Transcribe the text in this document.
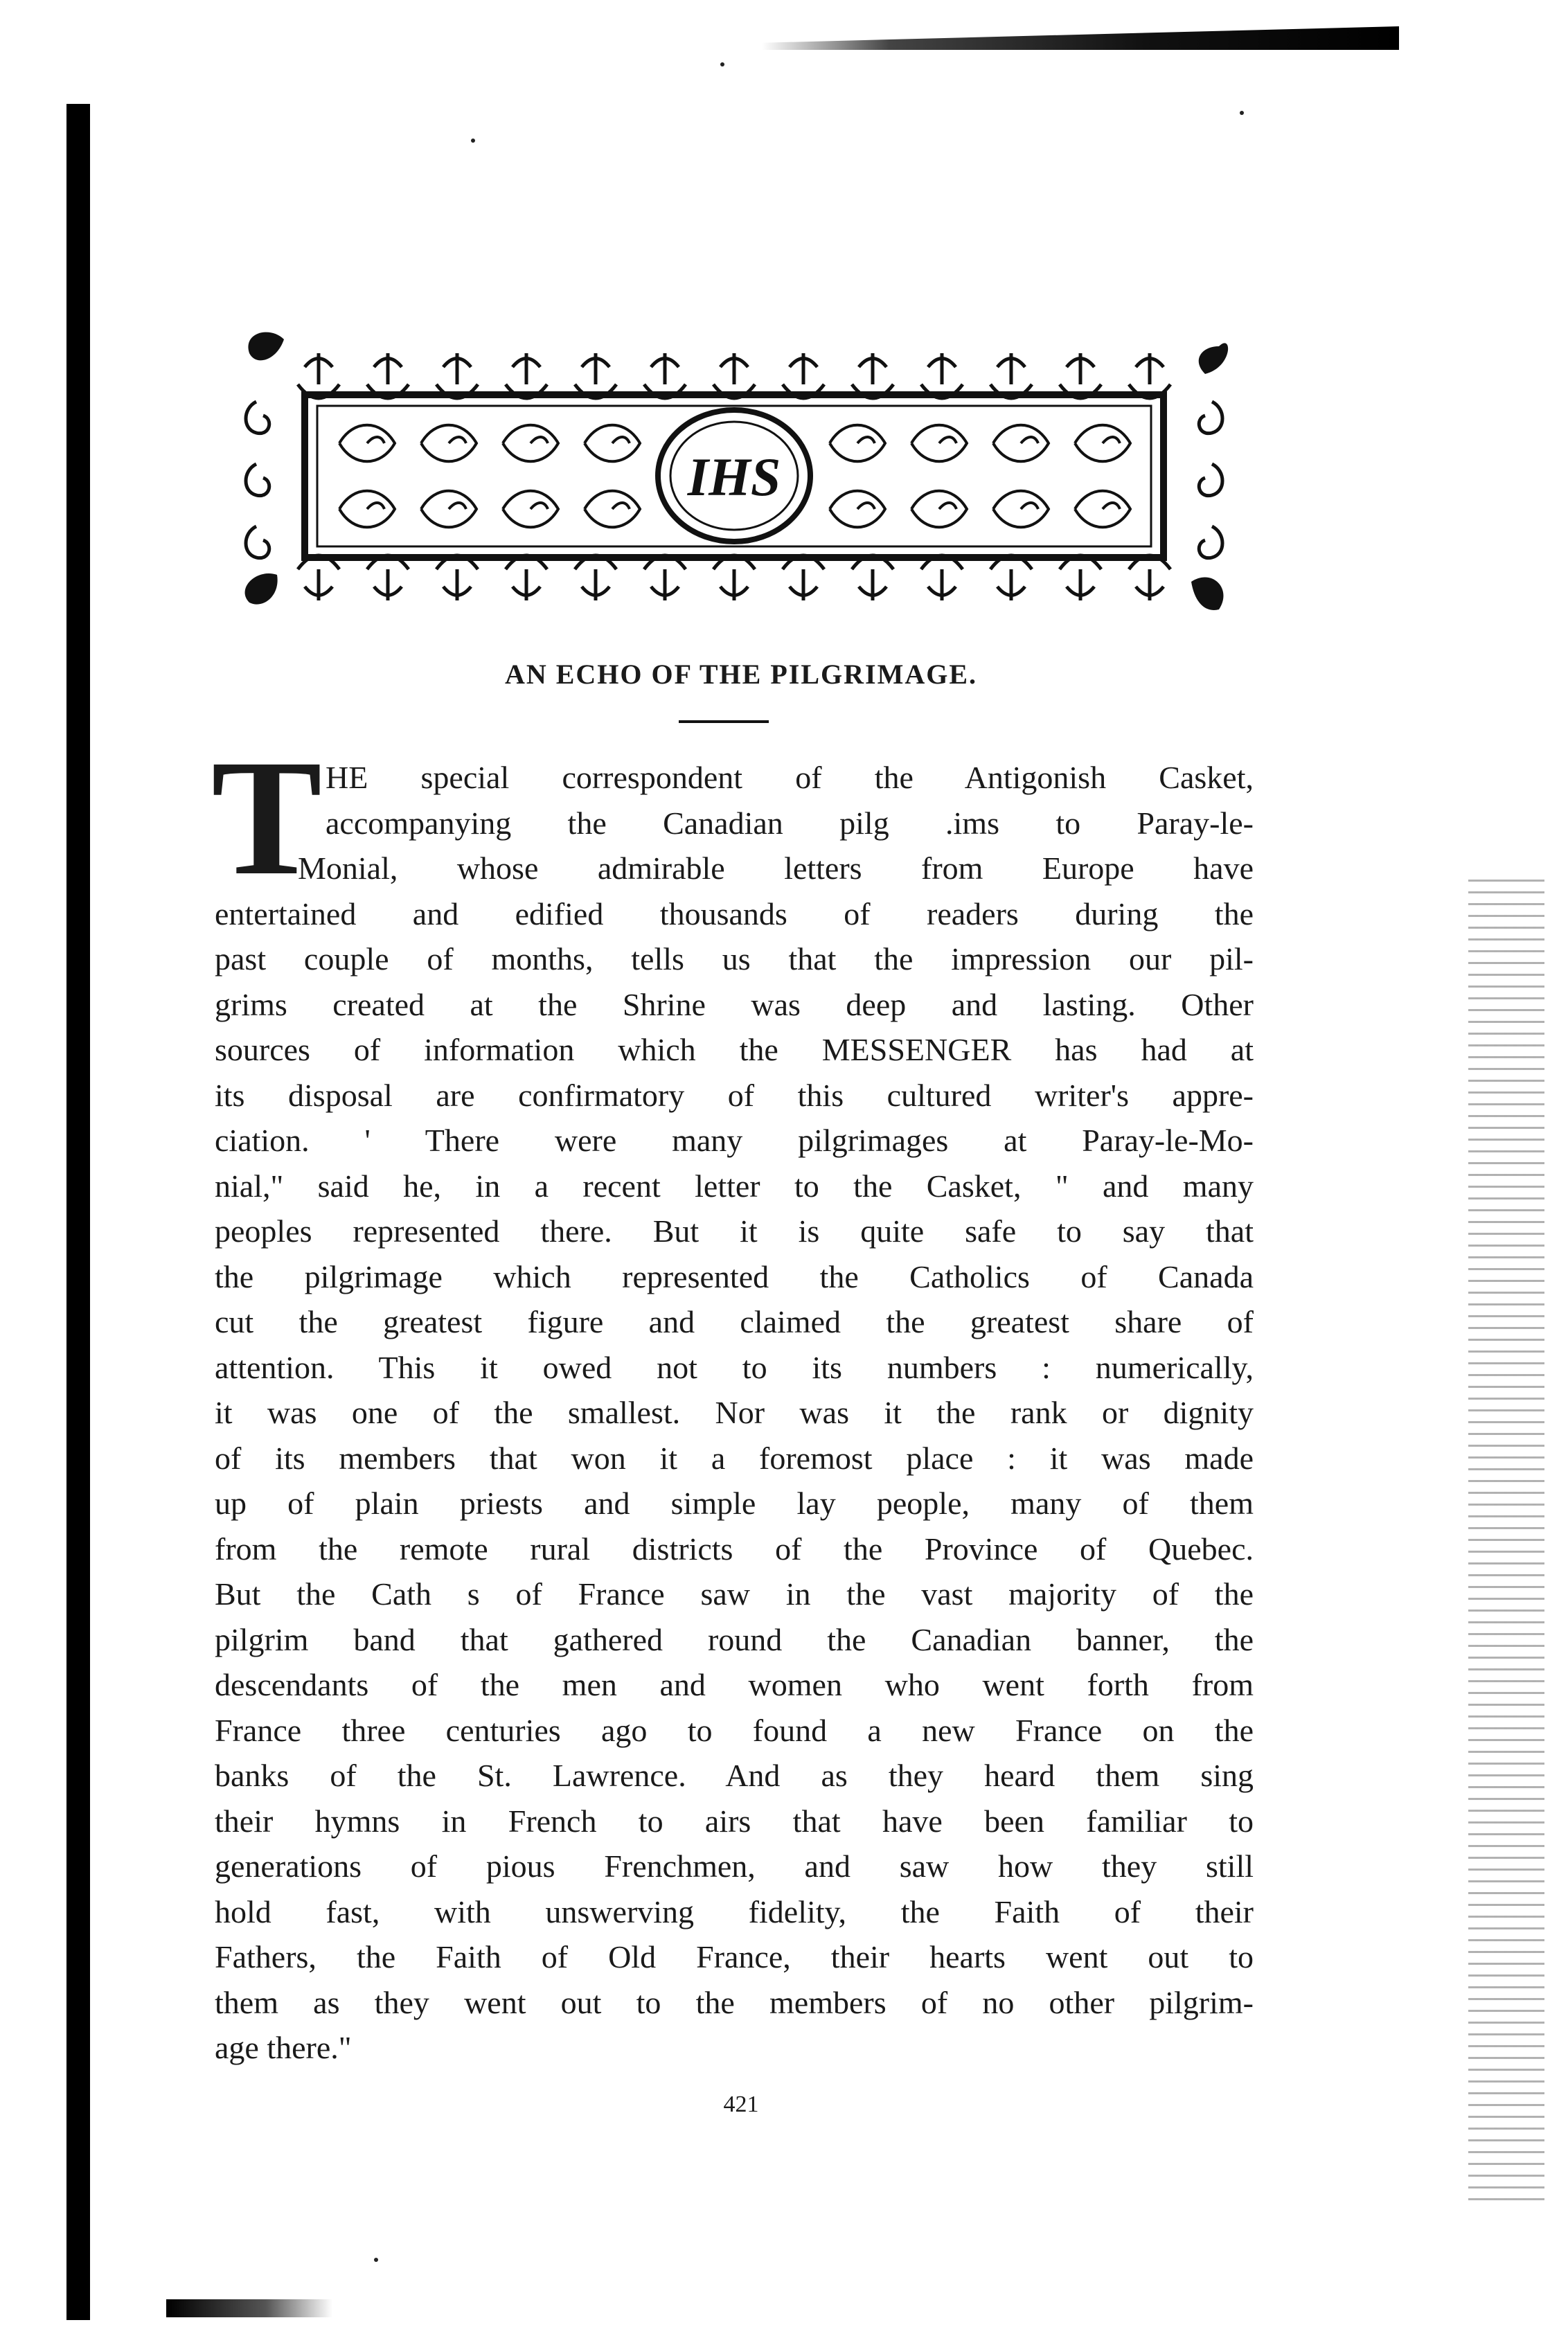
IHS
AN ECHO OF THE PILGRIMAGE.
T HE special correspondent of the Antigonish Casket,
accompanying the Canadian pilg .ims to Paray-le-
Monial, whose admirable letters from Europe have
entertained and edified thousands of readers during the
past couple of months, tells us that the impression our pil-
grims created at the Shrine was deep and lasting. Other
sources of information which the MESSENGER has had at
its disposal are confirmatory of this cultured writer's appre-
ciation. ' There were many pilgrimages at Paray-le-Mo-
nial," said he, in a recent letter to the Casket, " and many
peoples represented there. But it is quite safe to say that
the pilgrimage which represented the Catholics of Canada
cut the greatest figure and claimed the greatest share of
attention. This it owed not to its numbers : numerically,
it was one of the smallest. Nor was it the rank or dignity
of its members that won it a foremost place : it was made
up of plain priests and simple lay people, many of them
from the remote rural districts of the Province of Quebec.
But the Cath s of France saw in the vast majority of the
pilgrim band that gathered round the Canadian banner, the
descendants of the men and women who went forth from
France three centuries ago to found a new France on the
banks of the St. Lawrence. And as they heard them sing
their hymns in French to airs that have been familiar to
generations of pious Frenchmen, and saw how they still
hold fast, with unswerving fidelity, the Faith of their
Fathers, the Faith of Old France, their hearts went out to
them as they went out to the members of no other pilgrim-
age there."
421
